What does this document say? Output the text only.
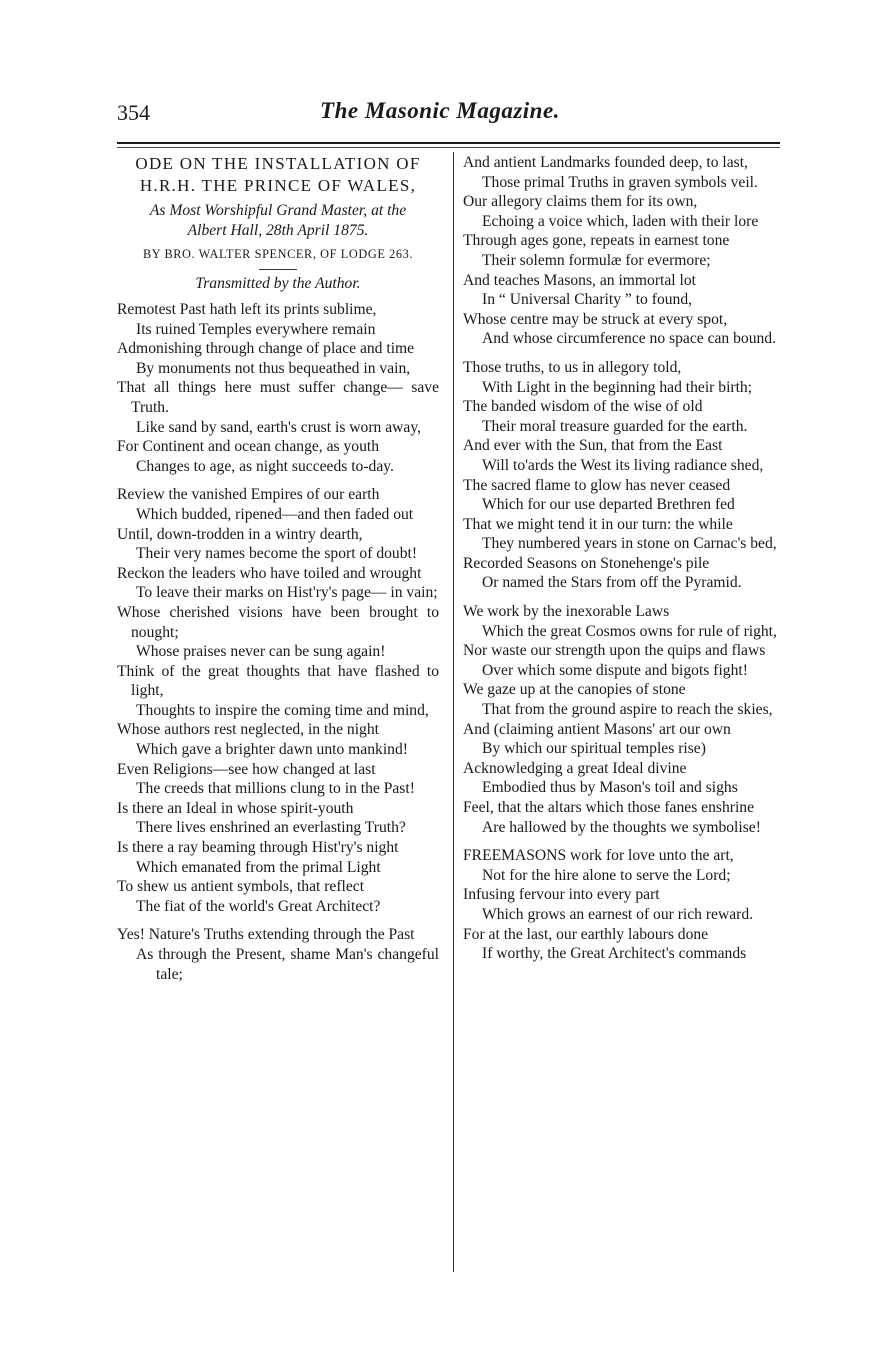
354	The Masonic Magazine.

ODE ON THE INSTALLATION OF

H.R.H. THE PRINCE OF WALES,

As Most Worshipful Grand Master, at the

Albert Hall, 28th April 1875.

BY BRO. WALTER SPENCER, OF LODGE 263.

Transmitted by the Author.

Remotest Past hath left its prints sublime,

Its ruined Temples everywhere remain

Admonishing through change of place and time

By monuments not thus bequeathed in vain,

That all things here must suffer change— save Truth.

Like sand by sand, earth's crust is worn away,

For Continent and ocean change, as youth

Changes to age, as night succeeds to-day.

Review the vanished Empires of our earth

Which budded, ripened—and then faded out

Until, down-trodden in a wintry dearth,

Their very names become the sport of doubt!

Reckon the leaders who have toiled and wrought

To leave their marks on Hist'ry's page— in vain;

Whose cherished visions have been brought to nought;

Whose praises never can be sung again!

Think of the great thoughts that have flashed to light,

Thoughts to inspire the coming time and mind,

Whose authors rest neglected, in the night

Which gave a brighter dawn unto mankind!

Even Religions—see how changed at last

The creeds that millions clung to in the Past!

Is there an Ideal in whose spirit-youth

There lives enshrined an everlasting Truth?

Is there a ray beaming through Hist'ry's night

Which emanated from the primal Light

To shew us antient symbols, that reflect

The fiat of the world's Great Architect?

Yes! Nature's Truths extending through the Past

As through the Present, shame Man's changeful tale;

And antient Landmarks founded deep, to last,

Those primal Truths in graven symbols veil.

Our allegory claims them for its own,

Echoing a voice which, laden with their lore

Through ages gone, repeats in earnest tone

Their solemn formulæ for evermore;

And teaches Masons, an immortal lot

In “ Universal Charity ” to found,

Whose centre may be struck at every spot,

And whose circumference no space can bound.

Those truths, to us in allegory told,

With Light in the beginning had their birth;

The banded wisdom of the wise of old

Their moral treasure guarded for the earth.

And ever with the Sun, that from the East

Will to'ards the West its living radiance shed,

The sacred flame to glow has never ceased

Which for our use departed Brethren fed

That we might tend it in our turn: the while

They numbered years in stone on Carnac's bed,

Recorded Seasons on Stonehenge's pile

Or named the Stars from off the Pyramid.

We work by the inexorable Laws

Which the great Cosmos owns for rule of right,

Nor waste our strength upon the quips and flaws

Over which some dispute and bigots fight!

We gaze up at the canopies of stone

That from the ground aspire to reach the skies,

And (claiming antient Masons' art our own

By which our spiritual temples rise)

Acknowledging a great Ideal divine

Embodied thus by Mason's toil and sighs

Feel, that the altars which those fanes enshrine

Are hallowed by the thoughts we symbolise!

FREEMASONS work for love unto the art,

Not for the hire alone to serve the Lord;

Infusing fervour into every part

Which grows an earnest of our rich reward.

For at the last, our earthly labours done

If worthy, the Great Architect's commands
